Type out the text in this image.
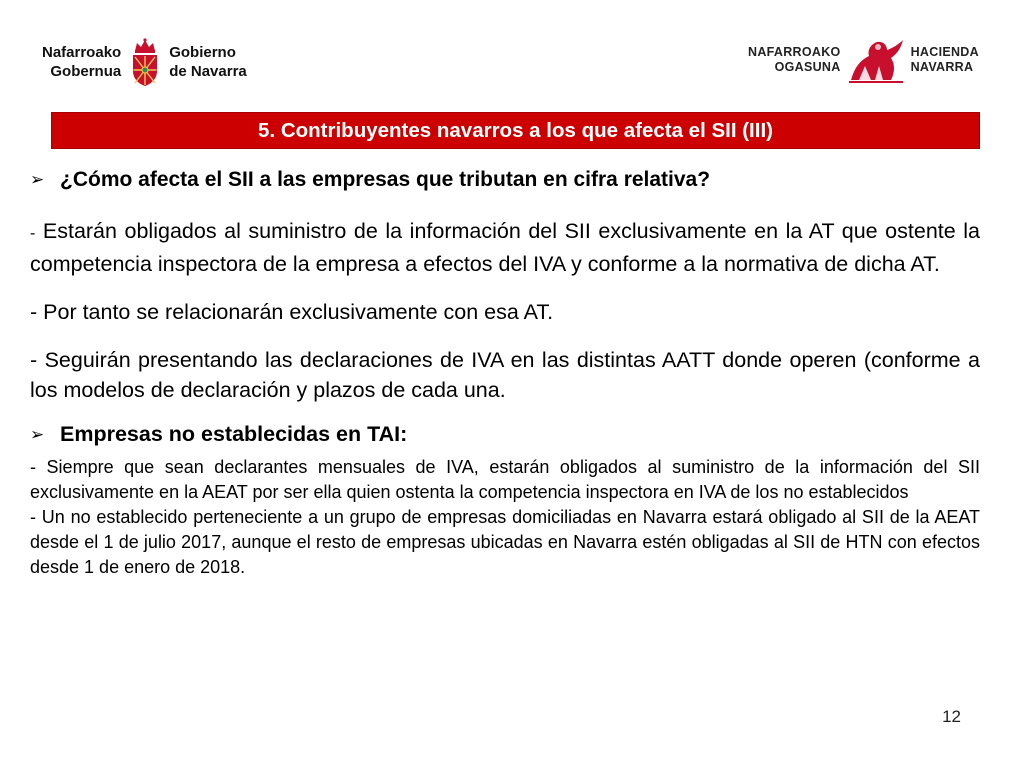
Nafarroako
Gobernua
Gobierno
de Navarra
NAFARROAKO
OGASUNA
HACIENDA
NAVARRA
5. Contribuyentes navarros a los que afecta el SII (III)
➢ ¿Cómo afecta el SII a las empresas que tributan en cifra relativa?
- Estarán obligados al suministro de la información del SII exclusivamente en la AT que ostente la competencia inspectora de la empresa a efectos del IVA y conforme a la normativa de dicha AT.
- Por tanto se relacionarán exclusivamente con esa AT.
- Seguirán presentando las declaraciones de IVA en las distintas AATT donde operen (conforme a los modelos de declaración y plazos de cada una.
➢ Empresas no establecidas en TAI:
- Siempre que sean declarantes mensuales de IVA, estarán obligados al suministro de la información del SII exclusivamente en la AEAT por ser ella quien ostenta la competencia inspectora en IVA de los no establecidos
- Un no establecido perteneciente a un grupo de empresas domiciliadas en Navarra estará obligado al SII de la AEAT desde el 1 de julio 2017, aunque el resto de empresas ubicadas en Navarra estén obligadas al SII de HTN con efectos desde 1 de enero de 2018.
12
